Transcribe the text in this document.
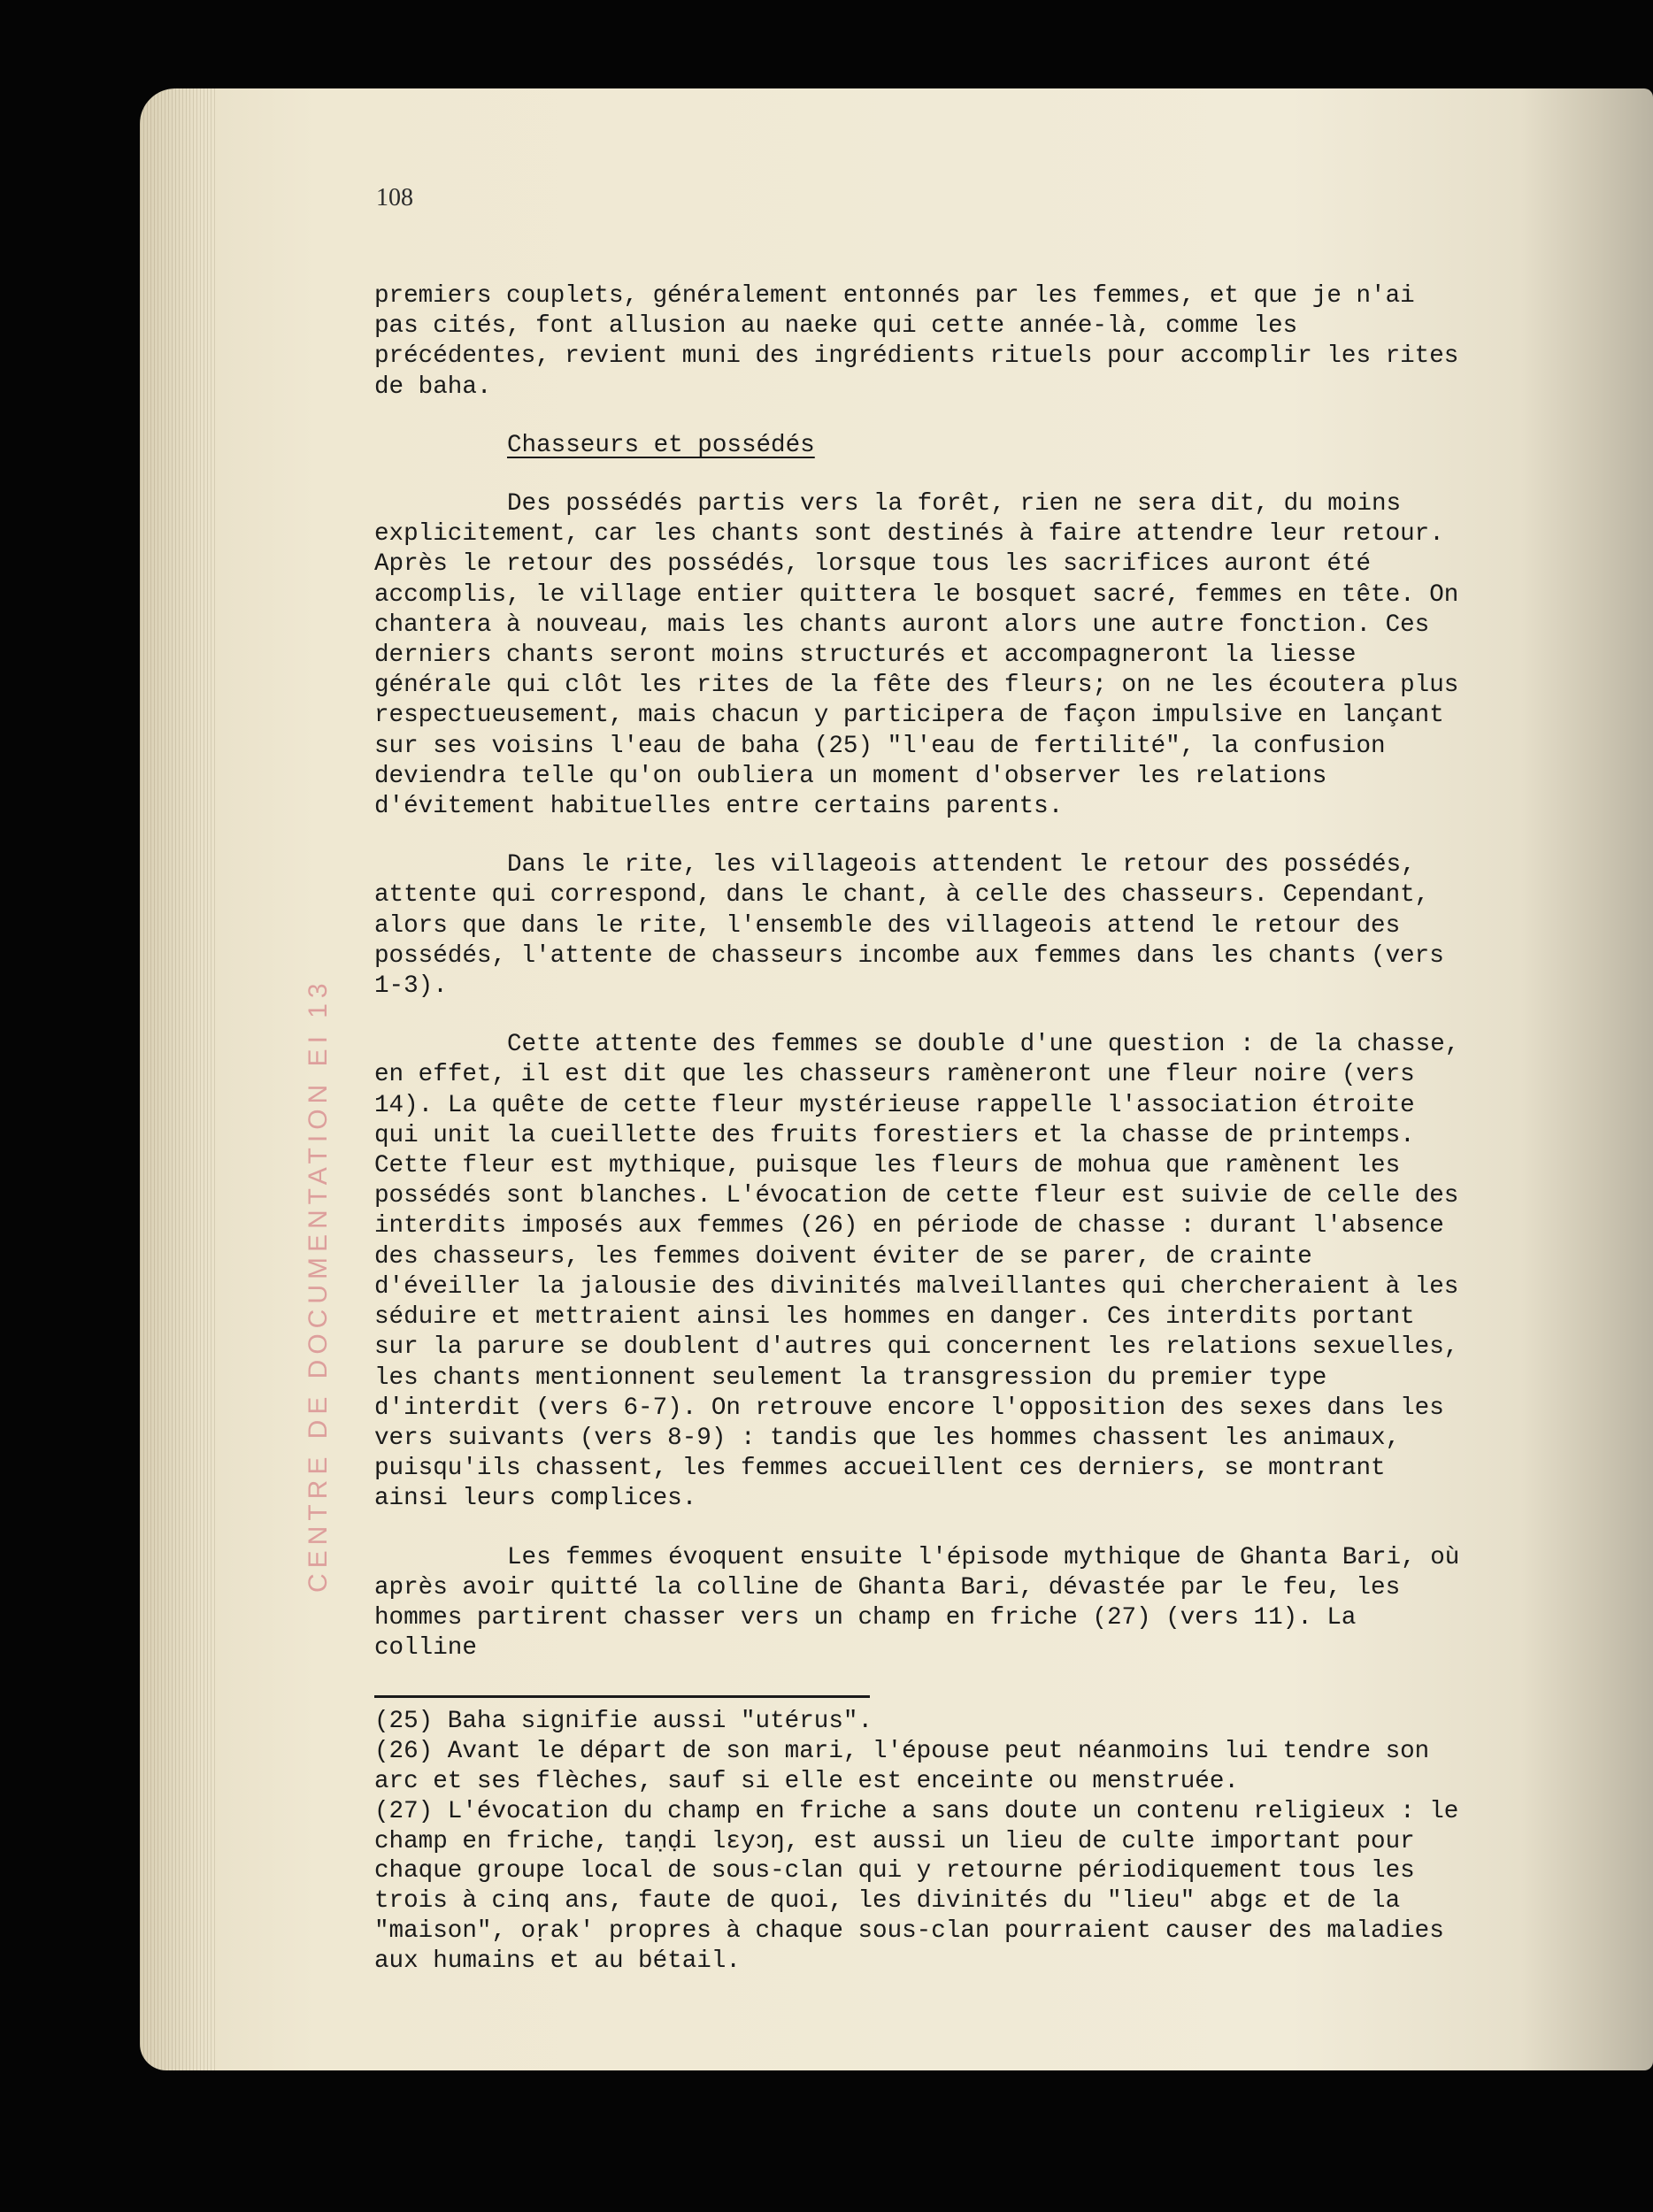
CENTRE DE DOCUMENTATION EI 13
108

premiers couplets, généralement entonnés par les femmes, et que je n'ai pas cités, font allusion au naeke qui cette année-là, comme les précédentes, revient muni des ingrédients rituels pour accomplir les rites de baha.

Chasseurs et possédés

Des possédés partis vers la forêt, rien ne sera dit, du moins explicitement, car les chants sont destinés à faire attendre leur retour. Après le retour des possédés, lorsque tous les sacrifices auront été accomplis, le village entier quittera le bosquet sacré, femmes en tête. On chantera à nouveau, mais les chants auront alors une autre fonction. Ces derniers chants seront moins structurés et accompagneront la liesse générale qui clôt les rites de la fête des fleurs; on ne les écoutera plus respectueusement, mais chacun y participera de façon impulsive en lançant sur ses voisins l'eau de baha (25) "l'eau de fertilité", la confusion deviendra telle qu'on oubliera un moment d'observer les relations d'évitement habituelles entre certains parents.

Dans le rite, les villageois attendent le retour des possédés, attente qui correspond, dans le chant, à celle des chasseurs. Cependant, alors que dans le rite, l'ensemble des villageois attend le retour des possédés, l'attente de chasseurs incombe aux femmes dans les chants (vers 1-3).

Cette attente des femmes se double d'une question : de la chasse, en effet, il est dit que les chasseurs ramèneront une fleur noire (vers 14). La quête de cette fleur mystérieuse rappelle l'association étroite qui unit la cueillette des fruits forestiers et la chasse de printemps. Cette fleur est mythique, puisque les fleurs de mohua que ramènent les possédés sont blanches. L'évocation de cette fleur est suivie de celle des interdits imposés aux femmes (26) en période de chasse : durant l'absence des chasseurs, les femmes doivent éviter de se parer, de crainte d'éveiller la jalousie des divinités malveillantes qui chercheraient à les séduire et mettraient ainsi les hommes en danger. Ces interdits portant sur la parure se doublent d'autres qui concernent les relations sexuelles, les chants mentionnent seulement la transgression du premier type d'interdit (vers 6-7). On retrouve encore l'opposition des sexes dans les vers suivants (vers 8-9) : tandis que les hommes chassent les animaux, puisqu'ils chassent, les femmes accueillent ces derniers, se montrant ainsi leurs complices.

Les femmes évoquent ensuite l'épisode mythique de Ghanta Bari, où après avoir quitté la colline de Ghanta Bari, dévastée par le feu, les hommes partirent chasser vers un champ en friche (27) (vers 11). La colline

(25) Baha signifie aussi "utérus".

(26) Avant le départ de son mari, l'épouse peut néanmoins lui tendre son arc et ses flèches, sauf si elle est enceinte ou menstruée.

(27) L'évocation du champ en friche a sans doute un contenu religieux : le champ en friche, taṇḍi lɛyɔŋ, est aussi un lieu de culte important pour chaque groupe local de sous-clan qui y retourne périodiquement tous les trois à cinq ans, faute de quoi, les divinités du "lieu" abgɛ et de la "maison", oṛak' propres à chaque sous-clan pourraient causer des maladies aux humains et au bétail.
